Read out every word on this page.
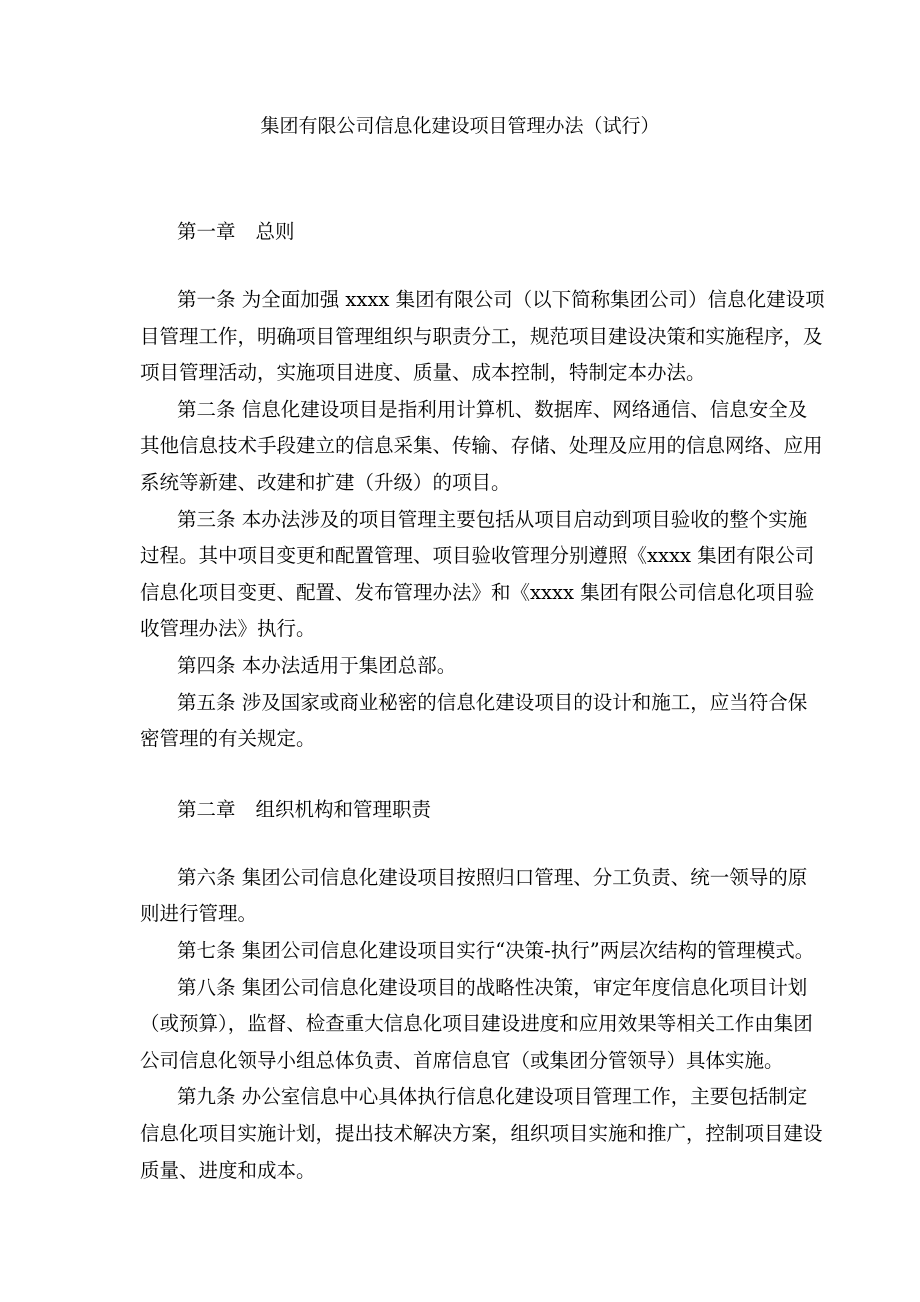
集团有限公司信息化建设项目管理办法（试行）
第一章 总则
第一条 为全面加强 xxxx 集团有限公司（以下简称集团公司）信息化建设项
目管理工作，明确项目管理组织与职责分工，规范项目建设决策和实施程序，及
项目管理活动，实施项目进度、质量、成本控制，特制定本办法。
第二条 信息化建设项目是指利用计算机、数据库、网络通信、信息安全及
其他信息技术手段建立的信息采集、传输、存储、处理及应用的信息网络、应用
系统等新建、改建和扩建（升级）的项目。
第三条 本办法涉及的项目管理主要包括从项目启动到项目验收的整个实施
过程。其中项目变更和配置管理、项目验收管理分别遵照《xxxx 集团有限公司
信息化项目变更、配置、发布管理办法》和《xxxx 集团有限公司信息化项目验
收管理办法》执行。
第四条 本办法适用于集团总部。
第五条 涉及国家或商业秘密的信息化建设项目的设计和施工，应当符合保
密管理的有关规定。
第二章 组织机构和管理职责
第六条 集团公司信息化建设项目按照归口管理、分工负责、统一领导的原
则进行管理。
第七条 集团公司信息化建设项目实行“决策-执行”两层次结构的管理模式。
第八条 集团公司信息化建设项目的战略性决策，审定年度信息化项目计划
（或预算），监督、检查重大信息化项目建设进度和应用效果等相关工作由集团
公司信息化领导小组总体负责、首席信息官（或集团分管领导）具体实施。
第九条 办公室信息中心具体执行信息化建设项目管理工作，主要包括制定
信息化项目实施计划，提出技术解决方案，组织项目实施和推广，控制项目建设
质量、进度和成本。
